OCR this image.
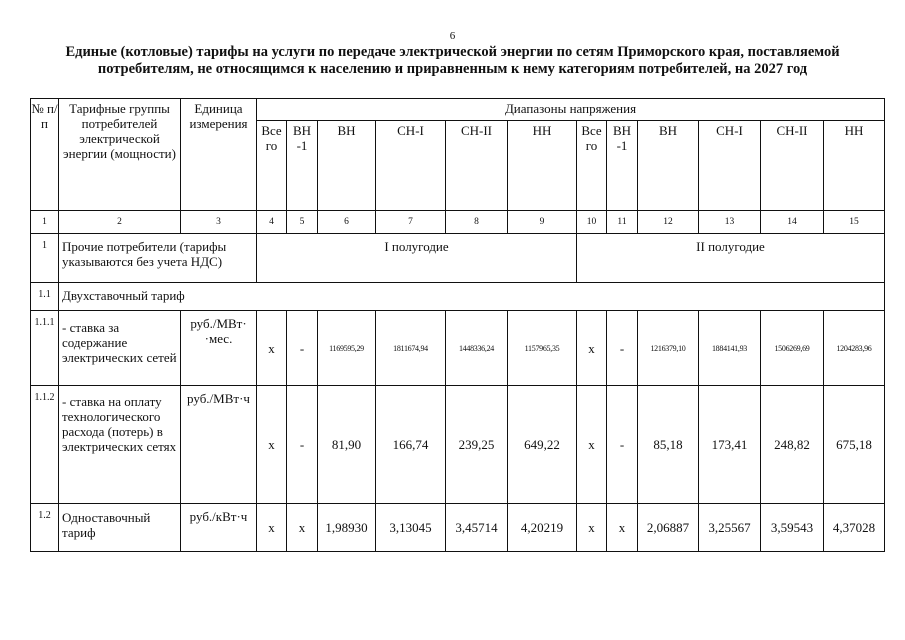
6
Единые (котловые) тарифы на услуги по передаче электрической энергии по сетям Приморского края, поставляемой потребителям, не относящимся к населению и приравненным к нему категориям потребителей, на 2027 год
№ п/п	Тарифные группы потребителей электрической энергии (мощности)	Единица измерения	Диапазоны напряжения											
			Все го	ВН -1	ВН	СН-I	СН-II	НН	Все го	ВН -1	ВН	СН-I	СН-II	НН
1	2	3	4	5	6	7	8	9	10	11	12	13	14	15
1	Прочие потребители (тарифы указываются без учета НДС)		I полугодие						II полугодие					
1.1	Двухставочный тариф													
1.1.1	- ставка за содержание электрических сетей	руб./МВт· ·мес.	x	-	1169595,29	1811674,94	1448336,24	1157965,35	x	-	1216379,10	1884141,93	1506269,69	1204283,96
1.1.2	- ставка на оплату технологического расхода (потерь) в электрических сетях	руб./МВт·ч	x	-	81,90	166,74	239,25	649,22	x	-	85,18	173,41	248,82	675,18
1.2	Одноставочный тариф	руб./кВт·ч	x	x	1,98930	3,13045	3,45714	4,20219	x	x	2,06887	3,25567	3,59543	4,37028
